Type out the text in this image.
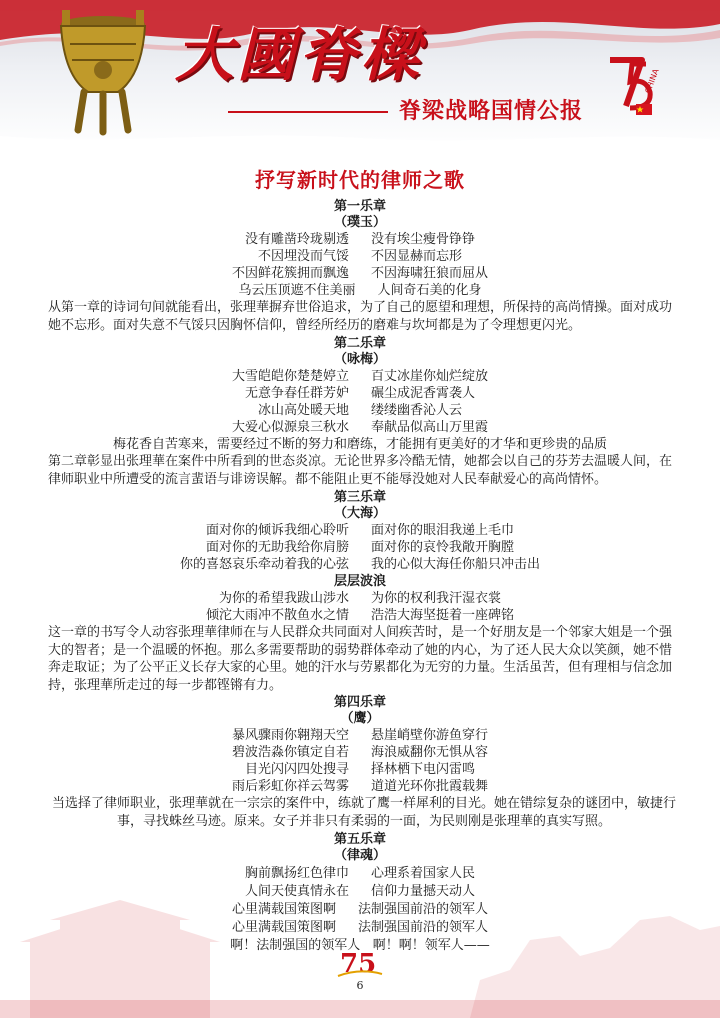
大國脊樑
脊梁战略国情公报
CHINA
抒写新时代的律师之歌
第一乐章
（璞玉）
没有雕凿玲珑剔透 没有埃尘瘦骨铮铮
不因埋没而气馁 不因显赫而忘形
不因鲜花簇拥而飘逸 不因海啸狂狼而屈从
乌云压顶遮不住美丽 人间奇石美的化身
从第一章的诗词句间就能看出，张理華摒弃世俗追求，为了自己的愿望和理想，所保持的高尚情操。面对成功她不忘形。面对失意不气馁只因胸怀信仰，曾经所经历的磨难与坎坷都是为了令理想更闪光。
第二乐章
（咏梅）
大雪皑皑你楚楚婷立 百丈冰崖你灿烂绽放
无意争春任群芳妒 碾尘成泥香霄袭人
冰山高处暖天地 缕缕幽香沁人云
大爱心似源泉三秋水 奉献品似高山万里霞
梅花香自苦寒来，需要经过不断的努力和磨练，才能拥有更美好的才华和更珍贵的品质
第二章彰显出张理華在案件中所看到的世态炎凉。无论世界多冷酷无情，她都会以自己的芬芳去温暖人间，在律师职业中所遭受的流言蜚语与诽谤误解。都不能阻止更不能辱没她对人民奉献爱心的高尚情怀。
第三乐章
（大海）
面对你的倾诉我细心聆听 面对你的眼泪我递上毛巾
面对你的无助我给你肩膀 面对你的哀怜我敞开胸膛
你的喜怒哀乐牵动着我的心弦 我的心似大海任你船只冲击出
层层波浪
为你的希望我跋山涉水 为你的权利我汗湿衣裳
倾沱大雨冲不散鱼水之情 浩浩大海坚挺着一座碑铭
这一章的书写令人动容张理華律师在与人民群众共同面对人间疾苦时，是一个好朋友是一个邻家大姐是一个强大的智者；是一个温暖的怀抱。那么多需要帮助的弱势群体牵动了她的内心，为了还人民大众以笑颜，她不惜奔走取证；为了公平正义长存大家的心里。她的汗水与劳累都化为无穷的力量。生活虽苦，但有理相与信念加持，张理華所走过的每一步都铿锵有力。
第四乐章
（鹰）
暴风骤雨你翱翔天空 悬崖峭壁你游鱼穿行
碧波浩淼你镇定自若 海浪威翻你无惧从容
目光闪闪四处搜寻 择林栖下电闪雷鸣
雨后彩虹你祥云驾雾 道道光环你批霞载舞
当选择了律师职业，张理華就在一宗宗的案件中，练就了鹰一样犀利的目光。她在错综复杂的谜团中，敏捷行事，寻找蛛丝马迹。原来。女子并非只有柔弱的一面，为民则刚是张理華的真实写照。
第五乐章
（律魂）
胸前飘扬红色律巾 心理系着国家人民
人间天使真情永在 信仰力量撼天动人
心里满载国策图啊 法制强国前沿的领军人
心里满载国策图啊 法制强国前沿的领军人
啊！法制强国的领军人   啊！啊！领军人——
75
6
